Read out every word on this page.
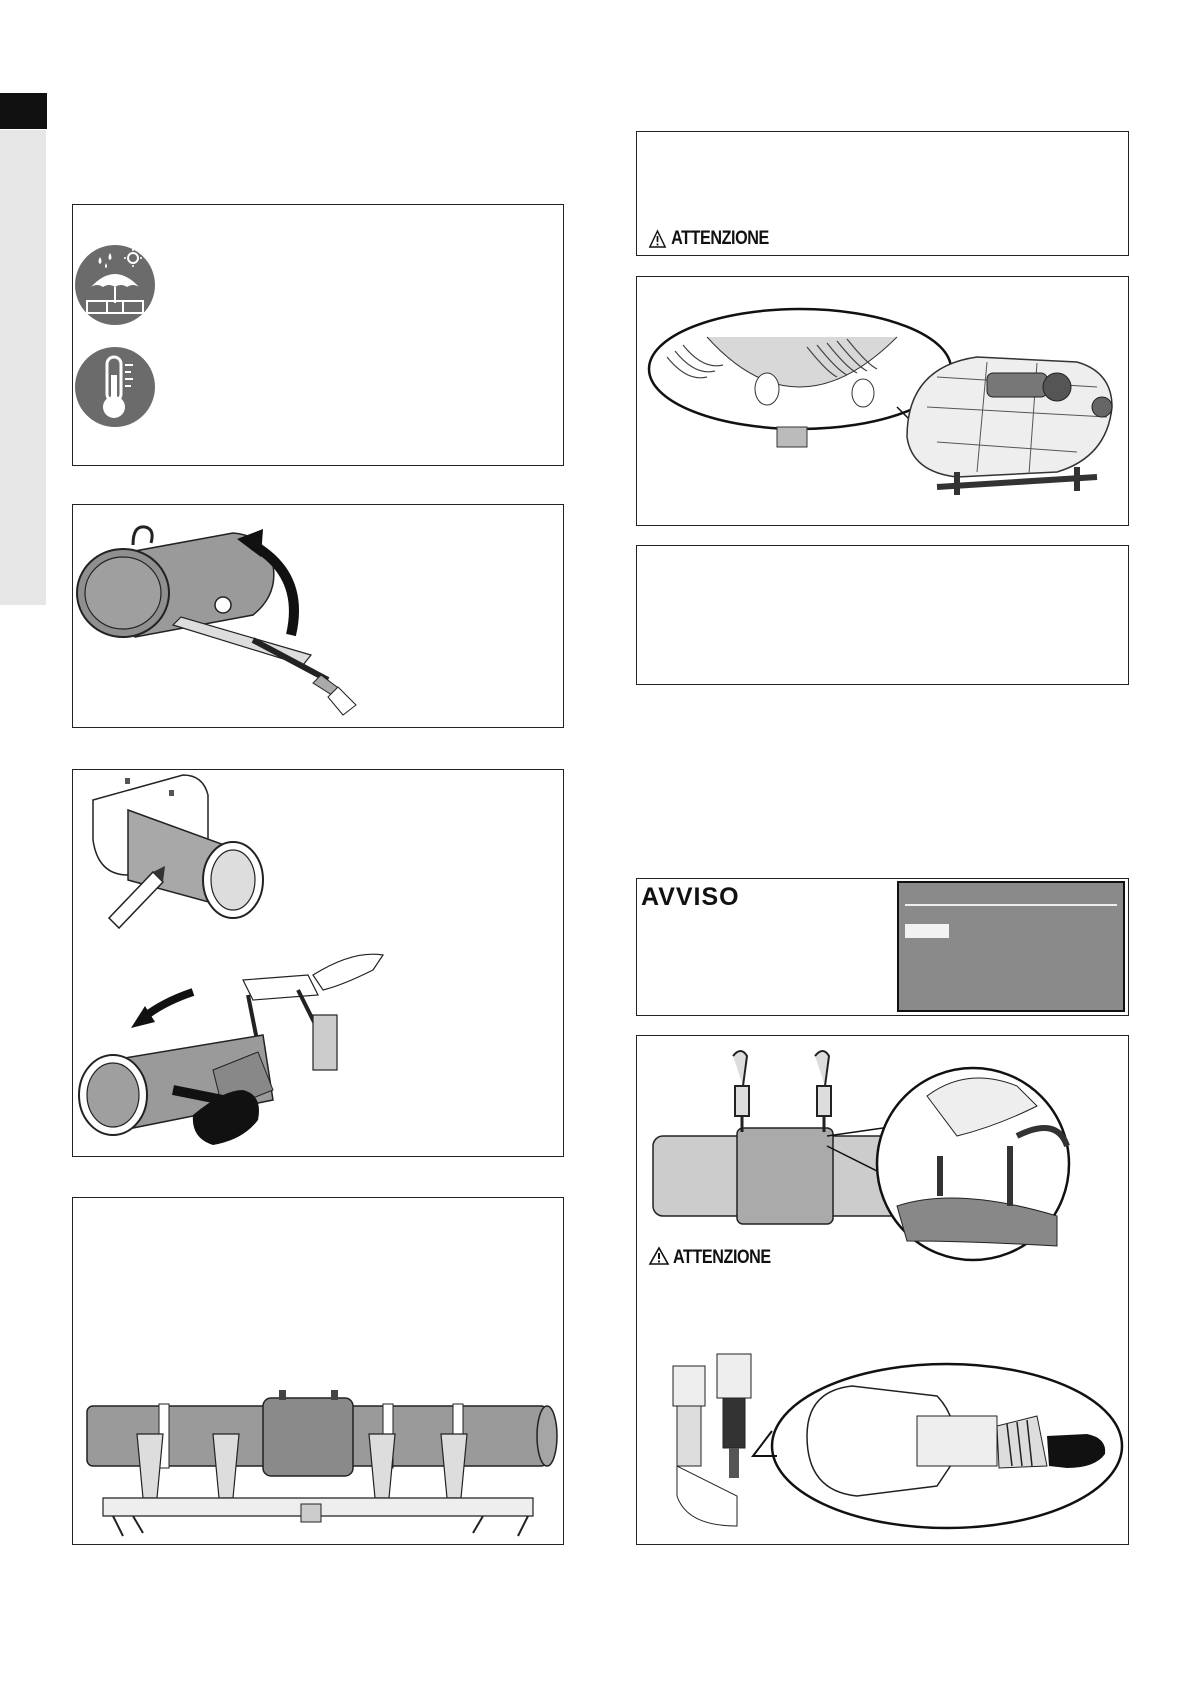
ATTENZIONE
AVVISO
ATTENZIONE
